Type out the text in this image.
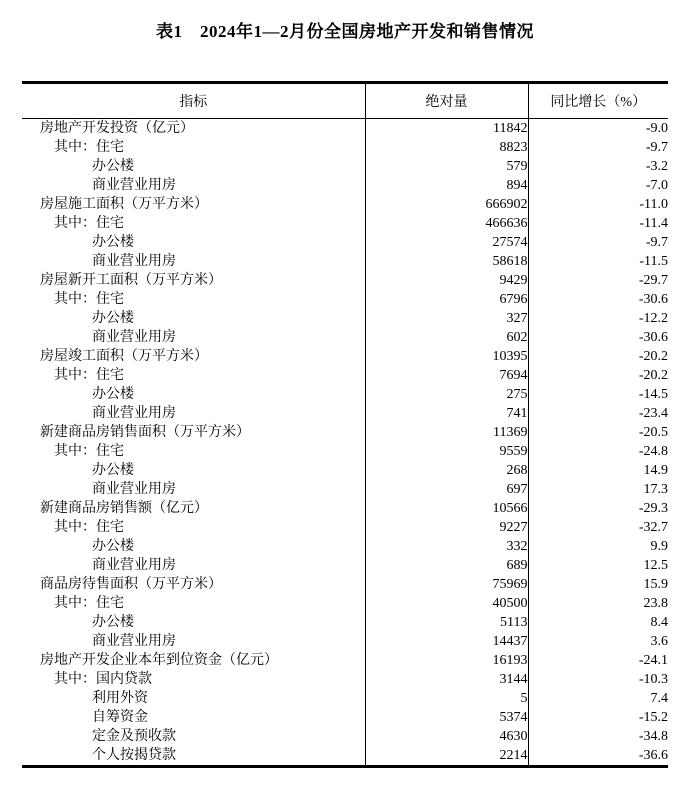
表1　2024年1—2月份全国房地产开发和销售情况
指标	绝对量	同比增长（%）
房地产开发投资（亿元）	11842	-9.0
其中：住宅	8823	-9.7
办公楼	579	-3.2
商业营业用房	894	-7.0
房屋施工面积（万平方米）	666902	-11.0
其中：住宅	466636	-11.4
办公楼	27574	-9.7
商业营业用房	58618	-11.5
房屋新开工面积（万平方米）	9429	-29.7
其中：住宅	6796	-30.6
办公楼	327	-12.2
商业营业用房	602	-30.6
房屋竣工面积（万平方米）	10395	-20.2
其中：住宅	7694	-20.2
办公楼	275	-14.5
商业营业用房	741	-23.4
新建商品房销售面积（万平方米）	11369	-20.5
其中：住宅	9559	-24.8
办公楼	268	14.9
商业营业用房	697	17.3
新建商品房销售额（亿元）	10566	-29.3
其中：住宅	9227	-32.7
办公楼	332	9.9
商业营业用房	689	12.5
商品房待售面积（万平方米）	75969	15.9
其中：住宅	40500	23.8
办公楼	5113	8.4
商业营业用房	14437	3.6
房地产开发企业本年到位资金（亿元）	16193	-24.1
其中：国内贷款	3144	-10.3
利用外资	5	7.4
自筹资金	5374	-15.2
定金及预收款	4630	-34.8
个人按揭贷款	2214	-36.6
